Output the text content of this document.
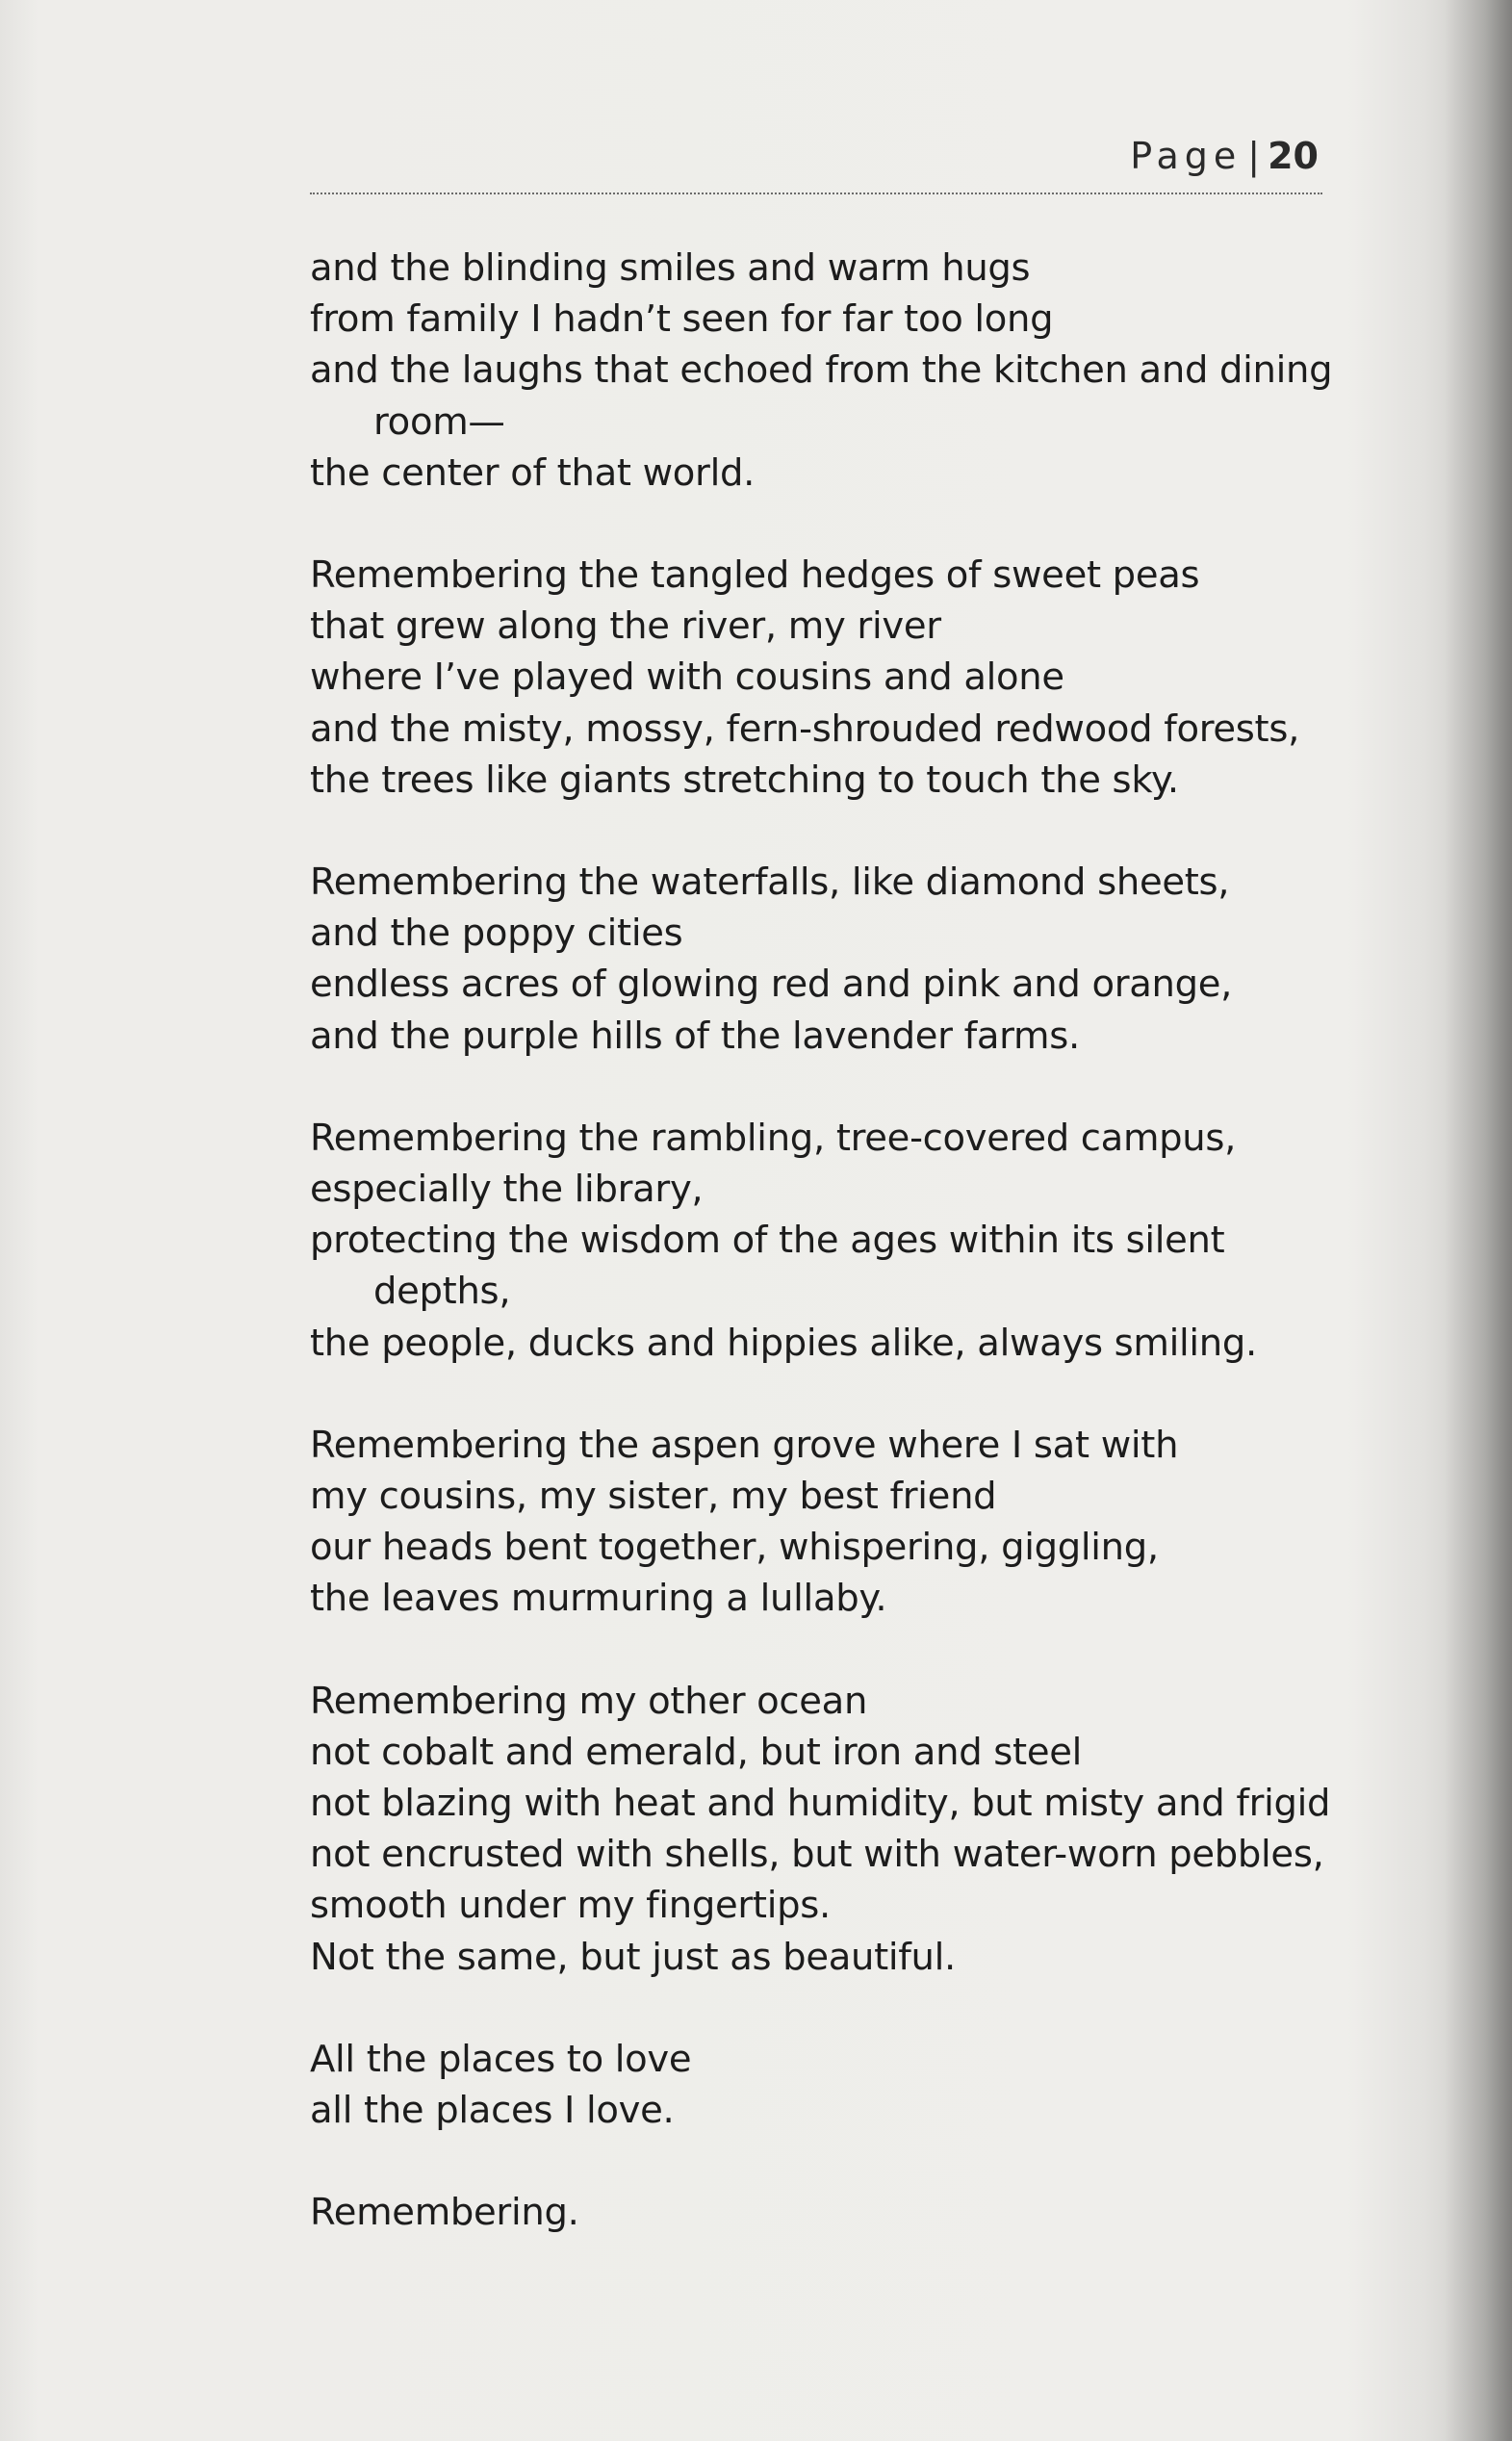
Page | 20
and the blinding smiles and warm hugs
from family I hadn’t seen for far too long
and the laughs that echoed from the kitchen and dining
room—
the center of that world.
Remembering the tangled hedges of sweet peas
that grew along the river, my river
where I’ve played with cousins and alone
and the misty, mossy, fern-shrouded redwood forests,
the trees like giants stretching to touch the sky.
Remembering the waterfalls, like diamond sheets,
and the poppy cities
endless acres of glowing red and pink and orange,
and the purple hills of the lavender farms.
Remembering the rambling, tree-covered campus,
especially the library,
protecting the wisdom of the ages within its silent
depths,
the people, ducks and hippies alike, always smiling.
Remembering the aspen grove where I sat with
my cousins, my sister, my best friend
our heads bent together, whispering, giggling,
the leaves murmuring a lullaby.
Remembering my other ocean
not cobalt and emerald, but iron and steel
not blazing with heat and humidity, but misty and frigid
not encrusted with shells, but with water-worn pebbles,
smooth under my fingertips.
Not the same, but just as beautiful.
All the places to love
all the places I love.
Remembering.
